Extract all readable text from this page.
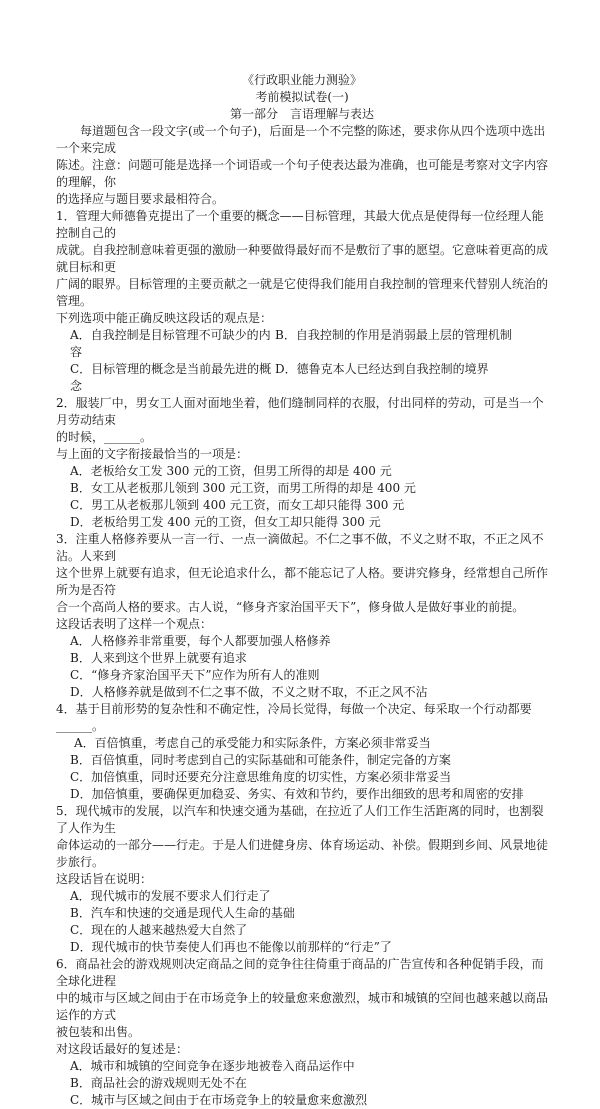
《行政职业能力测验》

考前模拟试卷(一)

第一部分　言语理解与表达

每道题包含一段文字(或一个句子)，后面是一个不完整的陈述，要求你从四个选项中选出一个来完成

陈述。注意：问题可能是选择一个词语或一个句子使表达最为准确，也可能是考察对文字内容的理解，你

的选择应与题目要求最相符合。

1．管理大师德鲁克提出了一个重要的概念——目标管理，其最大优点是使得每一位经理人能控制自己的

成就。自我控制意味着更强的激励一种要做得最好而不是敷衍了事的愿望。它意味着更高的成就目标和更

广阔的眼界。目标管理的主要贡献之一就是它使得我们能用自我控制的管理来代替别人统治的管理。

下列选项中能正确反映这段话的观点是：

A．自我控制是目标管理不可缺少的内容
B．自我控制的作用是消弱最上层的管理机制
C．目标管理的概念是当前最先进的概念
D．德鲁克本人已经达到自我控制的境界

2．服装厂中，男女工人面对面地坐着，他们缝制同样的衣服，付出同样的劳动，可是当一个月劳动结束

的时候，______。

与上面的文字衔接最恰当的一项是：

A．老板给女工发 300 元的工资，但男工所得的却是 400 元

B．女工从老板那儿领到 300 元工资，而男工所得的却是 400 元

C．男工从老板那儿领到 400 元工资，而女工却只能得 300 元

D．老板给男工发 400 元的工资，但女工却只能得 300 元

3．注重人格修养要从一言一行、一点一滴做起。不仁之事不做，不义之财不取，不正之风不沾。人来到

这个世界上就要有追求，但无论追求什么，都不能忘记了人格。要讲究修身，经常想自己所作所为是否符

合一个高尚人格的要求。古人说，“修身齐家治国平天下”，修身做人是做好事业的前提。

这段话表明了这样一个观点：

A．人格修养非常重要，每个人都要加强人格修养

B．人来到这个世界上就要有追求

C．“修身齐家治国平天下”应作为所有人的准则

D．人格修养就是做到不仁之事不做，不义之财不取，不正之风不沾

4．基于目前形势的复杂性和不确定性，冷局长觉得，每做一个决定、每采取一个行动都要 ______。

A．百倍慎重，考虑自己的承受能力和实际条件，方案必须非常妥当

B．百倍慎重，同时考虑到自己的实际基础和可能条件，制定完备的方案

C．加倍慎重，同时还要充分注意思维角度的切实性，方案必须非常妥当

D．加倍慎重，要确保更加稳妥、务实、有效和节约，要作出细致的思考和周密的安排

5．现代城市的发展，以汽车和快速交通为基础，在拉近了人们工作生活距离的同时，也割裂了人作为生

命体运动的一部分——行走。于是人们进健身房、体育场运动、补偿。假期到乡间、风景地徒步旅行。

这段话旨在说明：

A．现代城市的发展不要求人们行走了

B．汽车和快速的交通是现代人生命的基础

C．现在的人越来越热爱大自然了

D．现代城市的快节奏使人们再也不能像以前那样的“行走”了

6．商品社会的游戏规则决定商品之间的竞争往往倚重于商品的广告宣传和各种促销手段，而全球化进程

中的城市与区域之间由于在市场竞争上的较量愈来愈激烈，城市和城镇的空间也越来越以商品运作的方式

被包装和出售。

对这段话最好的复述是：

A．城市和城镇的空间竞争在逐步地被卷入商品运作中

B．商品社会的游戏规则无处不在

C．城市与区域之间由于在市场竞争上的较量愈来愈激烈
